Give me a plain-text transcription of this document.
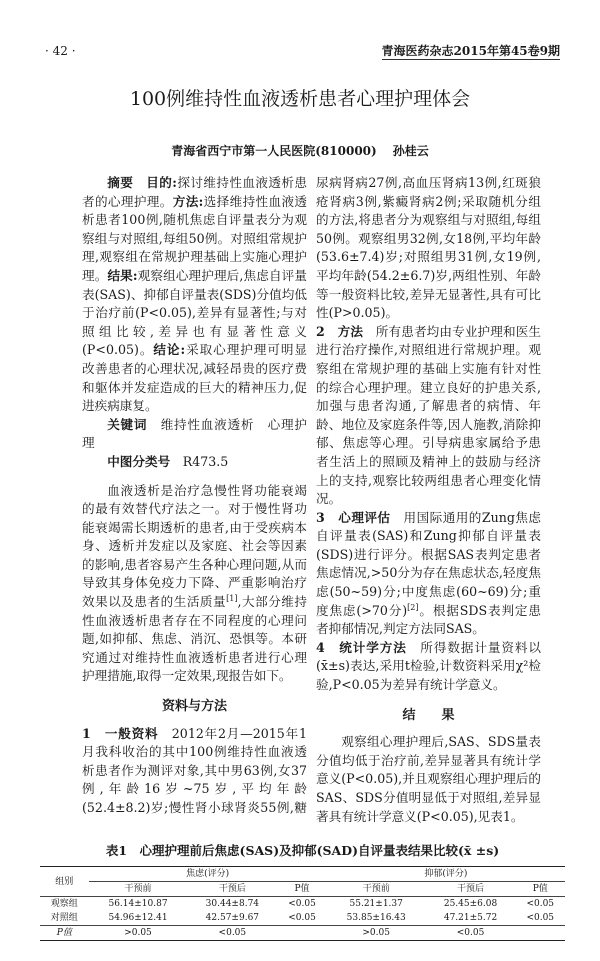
· 42 ·	青海医药杂志2015年第45卷9期
100例维持性血液透析患者心理护理体会
青海省西宁市第一人民医院(810000) 孙桂云

摘要　 目的:探讨维持性血液透析患者的心理护理。方法:选择维持性血液透析患者100例,随机焦虑自评量表分为观察组与对照组,每组50例。对照组常规护理,观察组在常规护理基础上实施心理护理。结果:观察组心理护理后,焦虑自评量表(SAS)、抑郁自评量表(SDS)分值均低于治疗前(P<0.05),差异有显著性;与对照组比较,差异也有显著性意义(P<0.05)。结论:采取心理护理可明显改善患者的心理状况,减轻昂贵的医疗费和躯体并发症造成的巨大的精神压力,促进疾病康复。

关键词　 维持性血液透析　心理护理

中图分类号　 R473.5

血液透析是治疗急慢性肾功能衰竭的最有效替代疗法之一。对于慢性肾功能衰竭需长期透析的患者,由于受疾病本身、透析并发症以及家庭、社会等因素的影响,患者容易产生各种心理问题,从而导致其身体免疫力下降、严重影响治疗效果以及患者的生活质量[1],大部分维持性血液透析患者存在不同程度的心理问题,如抑郁、焦虑、消沉、恐惧等。本研究通过对维持性血液透析患者进行心理护理措施,取得一定效果,现报告如下。

资料与方法

1　一般资料　 2012年2月—2015年1月我科收治的其中100例维持性血液透析患者作为测评对象,其中男63例,女37例,年龄16岁~75岁,平均年龄(52.4±8.2)岁;慢性肾小球肾炎55例,糖尿病肾病27例,高血压肾病13例,红斑狼疮肾病3例,紫癜肾病2例;采取随机分组的方法,将患者分为观察组与对照组,每组50例。观察组男32例,女18例,平均年龄(53.6±7.4)岁;对照组男31例,女19例,平均年龄(54.2±6.7)岁,两组性别、年龄等一般资料比较,差异无显著性,具有可比性(P>0.05)。

2　方法　 所有患者均由专业护理和医生进行治疗操作,对照组进行常规护理。观察组在常规护理的基础上实施有针对性的综合心理护理。建立良好的护患关系,加强与患者沟通,了解患者的病情、年龄、地位及家庭条件等,因人施教,消除抑郁、焦虑等心理。引导病患家属给予患者生活上的照顾及精神上的鼓励与经济上的支持,观察比较两组患者心理变化情况。

3　心理评估　 用国际通用的Zung焦虑自评量表(SAS)和Zung抑郁自评量表(SDS)进行评分。根据SAS表判定患者焦虑情况,>50分为存在焦虑状态,轻度焦虑(50~59)分;中度焦虑(60~69)分;重度焦虑(>70分)[2]。根据SDS表判定患者抑郁情况,判定方法同SAS。

4　统计学方法　 所得数据计量资料以(x̄±s)表达,采用t检验,计数资料采用χ²检验,P<0.05为差异有统计学意义。

结　　果

观察组心理护理后,SAS、SDS量表分值均低于治疗前,差异显著具有统计学意义(P<0.05),并且观察组心理护理后的SAS、SDS分值明显低于对照组,差异显著具有统计学意义(P<0.05),见表1。

表1　心理护理前后焦虑(SAS)及抑郁(SAD)自评量表结果比较(x̄ ±s)
组别	焦虑(评分)			抑郁(评分)		
	干预前	干预后	P值	干预前	干预后	P值
观察组	56.14±10.87	30.44±8.74	<0.05	55.21±1.37	25.45±6.08	<0.05
对照组	54.96±12.41	42.57±9.67	<0.05	53.85±16.43	47.21±5.72	<0.05
P值	>0.05	<0.05		>0.05	<0.05	
